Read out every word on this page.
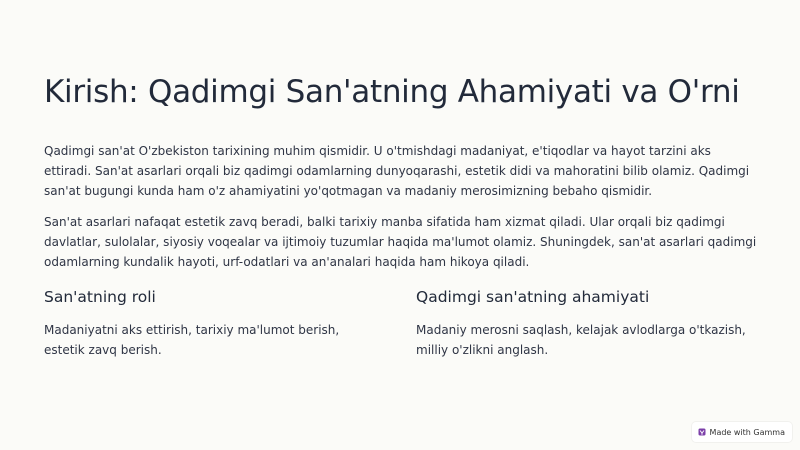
Kirish: Qadimgi San'atning Ahamiyati va O'rni

Qadimgi san'at O'zbekiston tarixining muhim qismidir. U o'tmishdagi madaniyat, e'tiqodlar va hayot tarzini aks ettiradi. San'at asarlari orqali biz qadimgi odamlarning dunyoqarashi, estetik didi va mahoratini bilib olamiz. Qadimgi san'at bugungi kunda ham o'z ahamiyatini yo'qotmagan va madaniy merosimizning bebaho qismidir.

San'at asarlari nafaqat estetik zavq beradi, balki tarixiy manba sifatida ham xizmat qiladi. Ular orqali biz qadimgi davlatlar, sulolalar, siyosiy voqealar va ijtimoiy tuzumlar haqida ma'lumot olamiz. Shuningdek, san'at asarlari qadimgi odamlarning kundalik hayoti, urf-odatlari va an'analari haqida ham hikoya qiladi.

San'atning roli

Madaniyatni aks ettirish, tarixiy ma'lumot berish, estetik zavq berish.

Qadimgi san'atning ahamiyati

Madaniy merosni saqlash, kelajak avlodlarga o'tkazish, milliy o'zlikni anglash.

Made with Gamma
